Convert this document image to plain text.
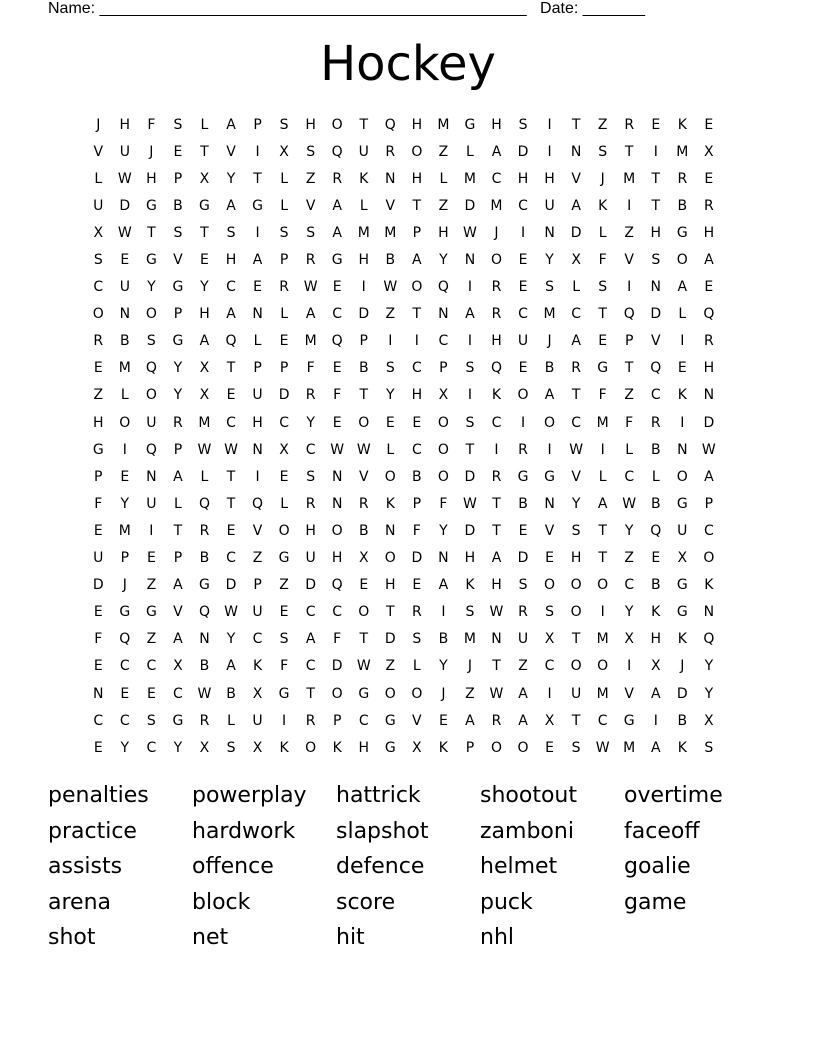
Name: ________________________________________________ Date: _______
Hockey
J	H	F	S	L	A	P	S	H	O	T	Q	H	M	G	H	S	I	T	Z	R	E	K	E
V	U	J	E	T	V	I	X	S	Q	U	R	O	Z	L	A	D	I	N	S	T	I	M	X
L	W	H	P	X	Y	T	L	Z	R	K	N	H	L	M	C	H	H	V	J	M	T	R	E
U	D	G	B	G	A	G	L	V	A	L	V	T	Z	D	M	C	U	A	K	I	T	B	R
X	W	T	S	T	S	I	S	S	A	M	M	P	H	W	J	I	N	D	L	Z	H	G	H
S	E	G	V	E	H	A	P	R	G	H	B	A	Y	N	O	E	Y	X	F	V	S	O	A
C	U	Y	G	Y	C	E	R	W	E	I	W	O	Q	I	R	E	S	L	S	I	N	A	E
O	N	O	P	H	A	N	L	A	C	D	Z	T	N	A	R	C	M	C	T	Q	D	L	Q
R	B	S	G	A	Q	L	E	M	Q	P	I	I	C	I	H	U	J	A	E	P	V	I	R
E	M	Q	Y	X	T	P	P	F	E	B	S	C	P	S	Q	E	B	R	G	T	Q	E	H
Z	L	O	Y	X	E	U	D	R	F	T	Y	H	X	I	K	O	A	T	F	Z	C	K	N
H	O	U	R	M	C	H	C	Y	E	O	E	E	O	S	C	I	O	C	M	F	R	I	D
G	I	Q	P	W W	N	X	C	W W	L	C	O	T	I	R	I	W	I	L	B	N	W
P	E	N	A	L	T	I	E	S	N	V	O	B	O	D	R	G	G	V	L	C	L	O	A
F	Y	U	L	Q	T	Q	L	R	N	R	K	P	F	W	T	B	N	Y	A	W	B	G	P
E	M	I	T	R	E	V	O	H	O	B	N	F	Y	D	T	E	V	S	T	Y	Q	U	C
U	P	E	P	B	C	Z	G	U	H	X	O	D	N	H	A	D	E	H	T	Z	E	X	O
D	J	Z	A	G	D	P	Z	D	Q	E	H	E	A	K	H	S	O	O	O	C	B	G	K
E	G	G	V	Q	W	U	E	C	C	O	T	R	I	S	W	R	S	O	I	Y	K	G	N
F	Q	Z	A	N	Y	C	S	A	F	T	D	S	B	M	N	U	X	T	M	X	H	K	Q
E	C	C	X	B	A	K	F	C	D	W	Z	L	Y	J	T	Z	C	O	O	I	X	J	Y
N	E	E	C	W	B	X	G	T	O	G	O	O	J	Z	W	A	I	U	M	V	A	D	Y
C	C	S	G	R	L	U	I	R	P	C	G	V	E	A	R	A	X	T	C	G	I	B	X
E	Y	C	Y	X	S	X	K	O	K	H	G	X	K	P	O	O	E	S	W M	A	K	S
penalties	powerplay	hattrick	shootout	overtime
practice	hardwork	slapshot	zamboni	faceoff
assists	offence	defence	helmet	goalie
arena	block	score	puck	game
shot	net	hit	nhl
